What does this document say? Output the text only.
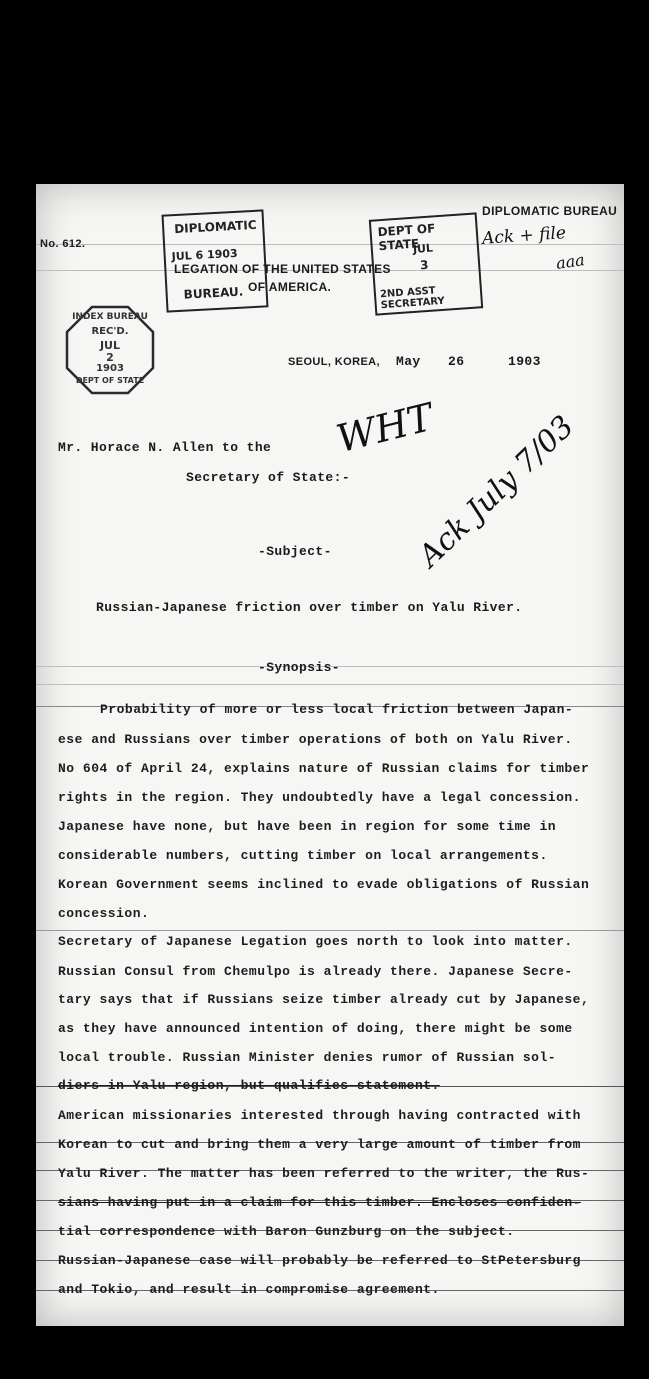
No. 612.
DIPLOMATIC
JUL 6 1903
BUREAU.
LEGATION OF THE UNITED STATES
OF AMERICA.
DEPT OF STATE
JUL
3
2ND ASST SECRETARY
DIPLOMATIC BUREAU
Ack + file
aaa
INDEX BUREAU
REC'D.
JUL
2
1903
DEPT OF STATE
SEOUL, KOREA, May 26	1903
Mr. Horace N. Allen to the
Secretary of State:-
WHT
Ack July 7/03
-Subject-
Russian-Japanese friction over timber on Yalu River.
-Synopsis-
Probability of more or less local friction between Japan-
ese and Russians over timber operations of both on Yalu River.
No 604 of April 24, explains nature of Russian claims for timber
rights in the region. They undoubtedly have a legal concession.
Japanese have none, but have been in region for some time in
considerable numbers, cutting timber on local arrangements.
Korean Government seems inclined to evade obligations of Russian
concession.
Secretary of Japanese Legation goes north to look into matter.
Russian Consul from Chemulpo is already there. Japanese Secre-
tary says that if Russians seize timber already cut by Japanese,
as they have announced intention of doing, there might be some
local trouble. Russian Minister denies rumor of Russian sol-
diers in Yalu region, but qualifies statement.
American missionaries interested through having contracted with
Korean to cut and bring them a very large amount of timber from
Yalu River. The matter has been referred to the writer, the Rus-
sians having put in a claim for this timber. Encloses confiden-
tial correspondence with Baron Gunzburg on the subject.
Russian-Japanese case will probably be referred to StPetersburg
and Tokio, and result in compromise agreement.
